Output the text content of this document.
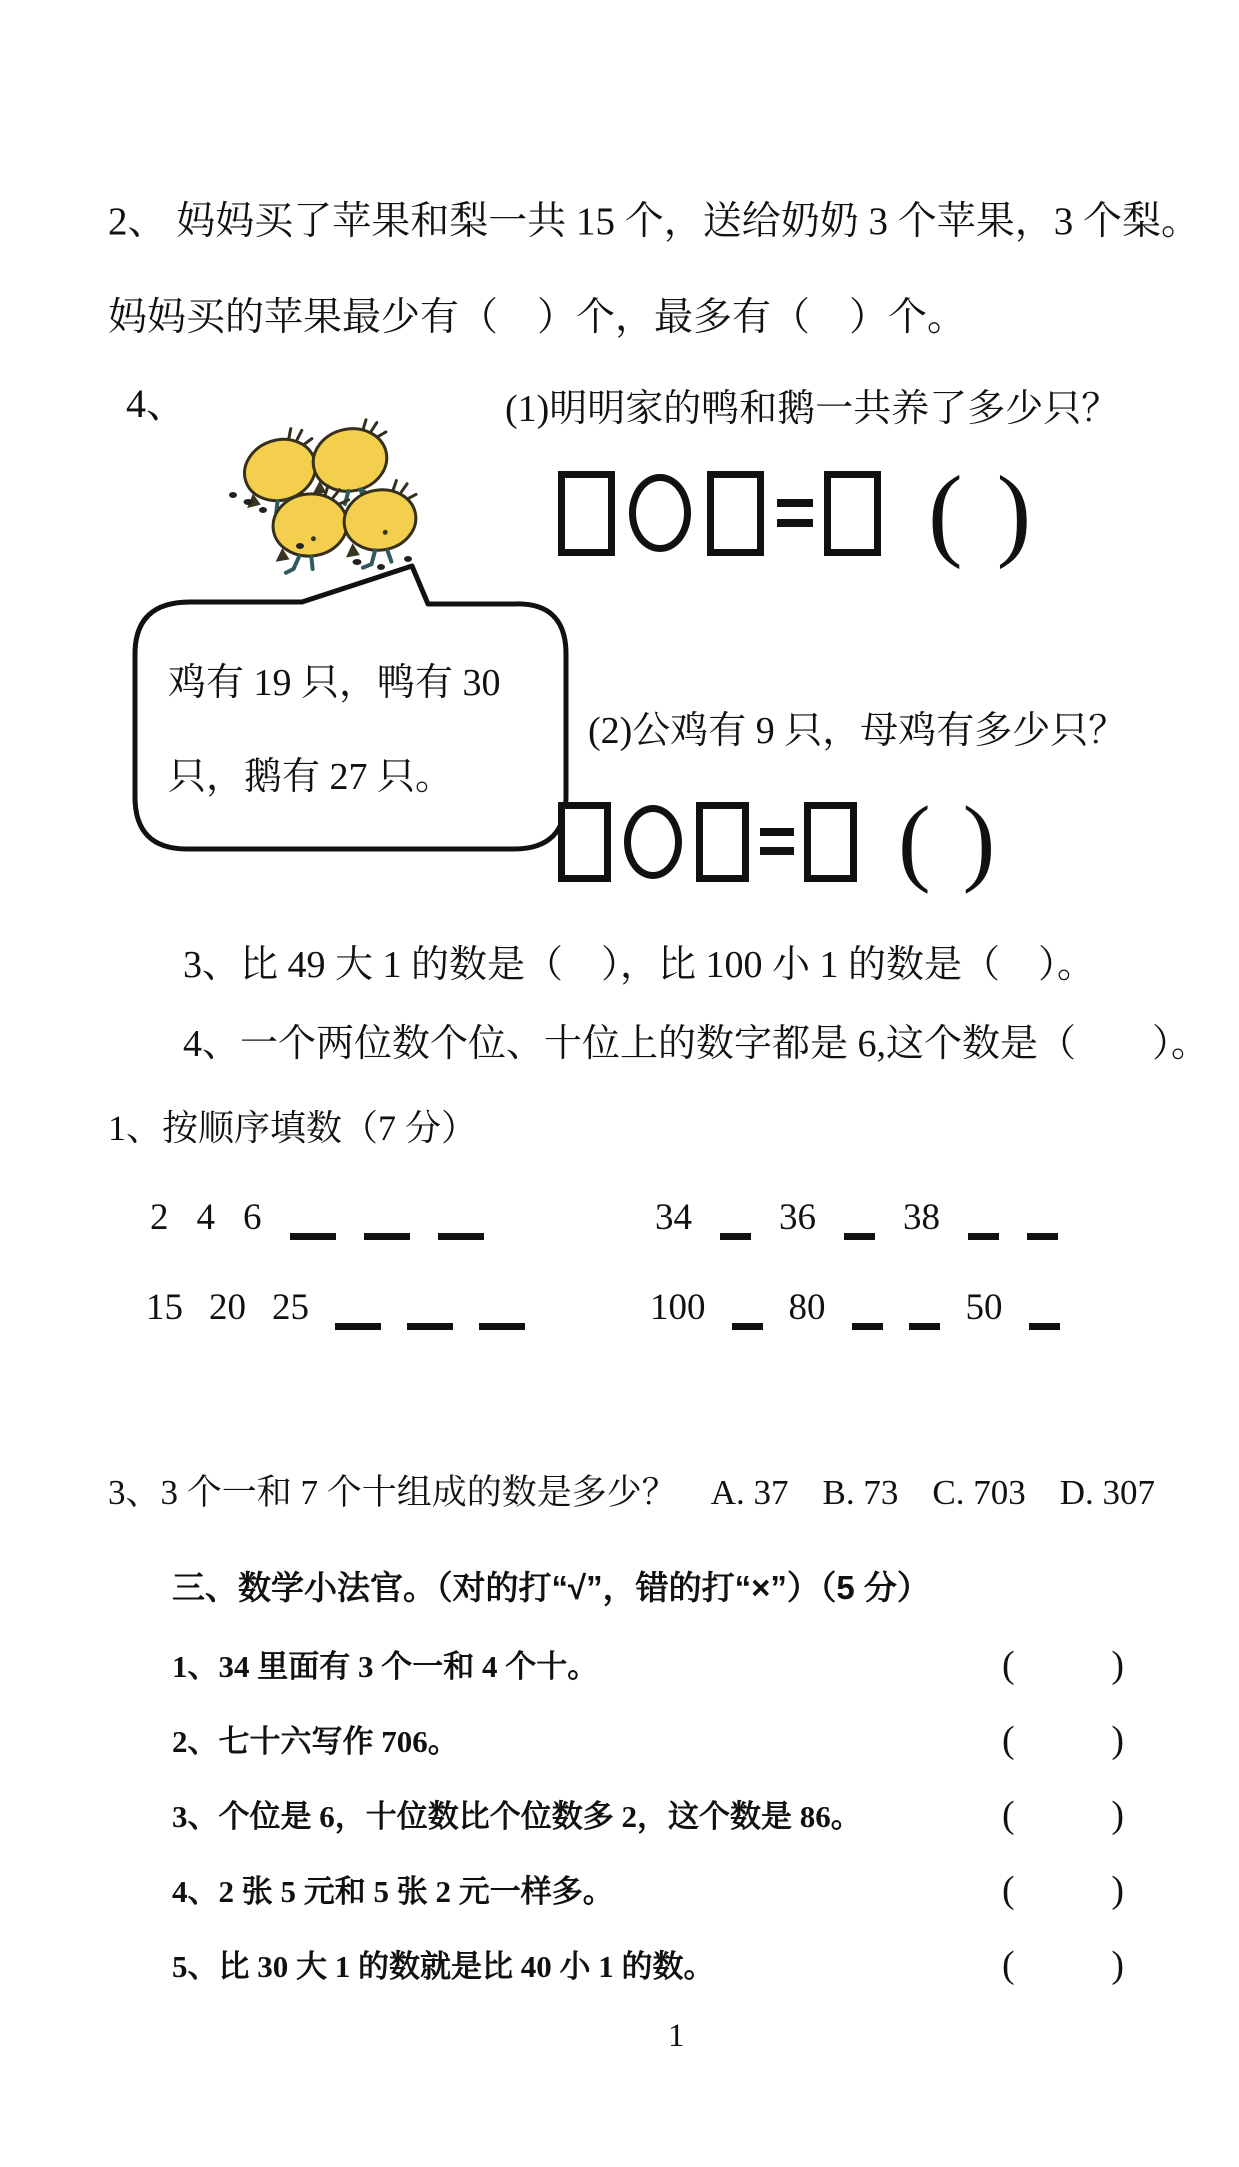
2、 妈妈买了苹果和梨一共 15 个，送给奶奶 3 个苹果，3 个梨。
妈妈买的苹果最少有（　）个，最多有（　）个。
4、	(1)明明家的鸭和鹅一共养了多少只？
( )
鸡有 19 只，鸭有 30
只，鹅有 27 只。
(2)公鸡有 9 只，母鸡有多少只？
( )
3、比 49 大 1 的数是（　），比 100 小 1 的数是（　）。
4、一个两位数个位、十位上的数字都是 6,这个数是（　　）。
1、按顺序填数（7 分）
2 4 6	34 36 38
15 20 25	100 80	50
3、3 个一和 7 个十组成的数是多少？ A. 37 B. 73 C. 703 D. 307
三、数学小法官。（对的打“√”，错的打“×”）（5 分）
1、34 里面有 3 个一和 4 个十。	(	)
2、七十六写作 706。	(	)
3、个位是 6，十位数比个位数多 2，这个数是 86。	(	)
4、2 张 5 元和 5 张 2 元一样多。	(	)
5、比 30 大 1 的数就是比 40 小 1 的数。	(	)
1
